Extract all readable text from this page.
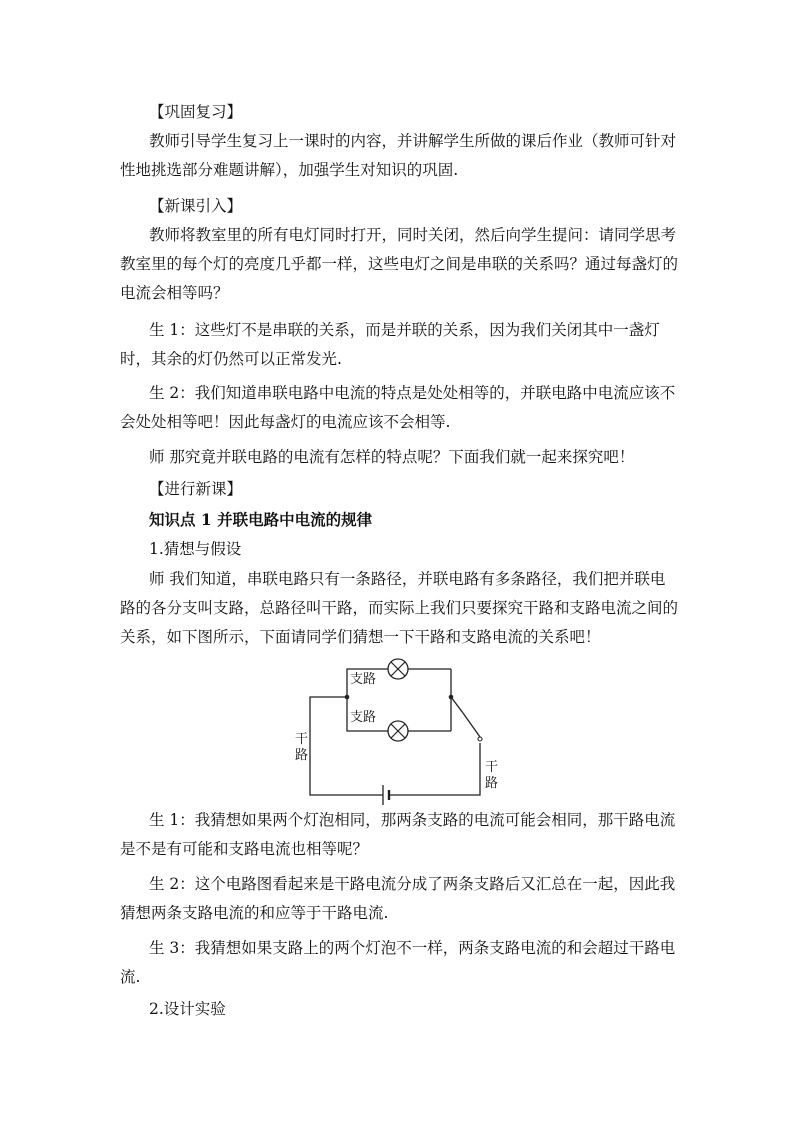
【巩固复习】

教师引导学生复习上一课时的内容，并讲解学生所做的课后作业（教师可针对性地挑选部分难题讲解），加强学生对知识的巩固.

【新课引入】

教师将教室里的所有电灯同时打开，同时关闭，然后向学生提问：请同学思考教室里的每个灯的亮度几乎都一样，这些电灯之间是串联的关系吗？通过每盏灯的电流会相等吗？

生 1：这些灯不是串联的关系，而是并联的关系，因为我们关闭其中一盏灯时，其余的灯仍然可以正常发光.

生 2：我们知道串联电路中电流的特点是处处相等的，并联电路中电流应该不会处处相等吧！因此每盏灯的电流应该不会相等.

师 那究竟并联电路的电流有怎样的特点呢？下面我们就一起来探究吧！

【进行新课】
知识点 1 并联电路中电流的规律
1.猜想与假设

师 我们知道，串联电路只有一条路径，并联电路有多条路径，我们把并联电路的各分支叫支路，总路径叫干路，而实际上我们只要探究干路和支路电流之间的关系，如下图所示，下面请同学们猜想一下干路和支路电流的关系吧！

支路
支路
干
路
干
路

生 1：我猜想如果两个灯泡相同，那两条支路的电流可能会相同，那干路电流是不是有可能和支路电流也相等呢？

生 2：这个电路图看起来是干路电流分成了两条支路后又汇总在一起，因此我猜想两条支路电流的和应等于干路电流.

生 3：我猜想如果支路上的两个灯泡不一样，两条支路电流的和会超过干路电流.

2.设计实验
